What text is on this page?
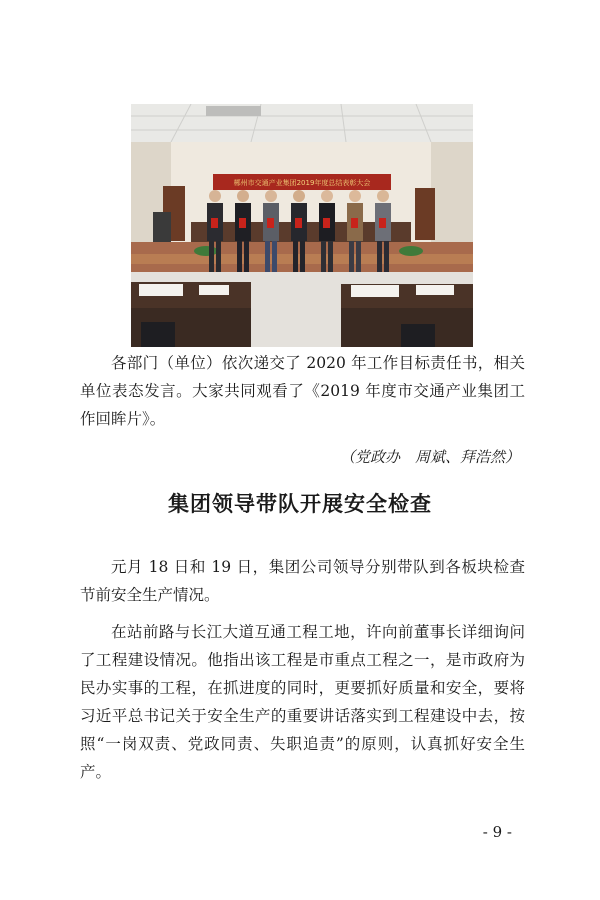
郴州市交通产业集团2019年度总结表彰大会

各部门（单位）依次递交了 2020 年工作目标责任书，相关单位表态发言。大家共同观看了《2019 年度市交通产业集团工作回眸片》。

（党政办　周斌、拜浩然）

集团领导带队开展安全检查

元月 18 日和 19 日，集团公司领导分别带队到各板块检查节前安全生产情况。

在站前路与长江大道互通工程工地，许向前董事长详细询问了工程建设情况。他指出该工程是市重点工程之一，是市政府为民办实事的工程，在抓进度的同时，更要抓好质量和安全，要将习近平总书记关于安全生产的重要讲话落实到工程建设中去，按照“一岗双责、党政同责、失职追责”的原则，认真抓好安全生产。

- 9 -
